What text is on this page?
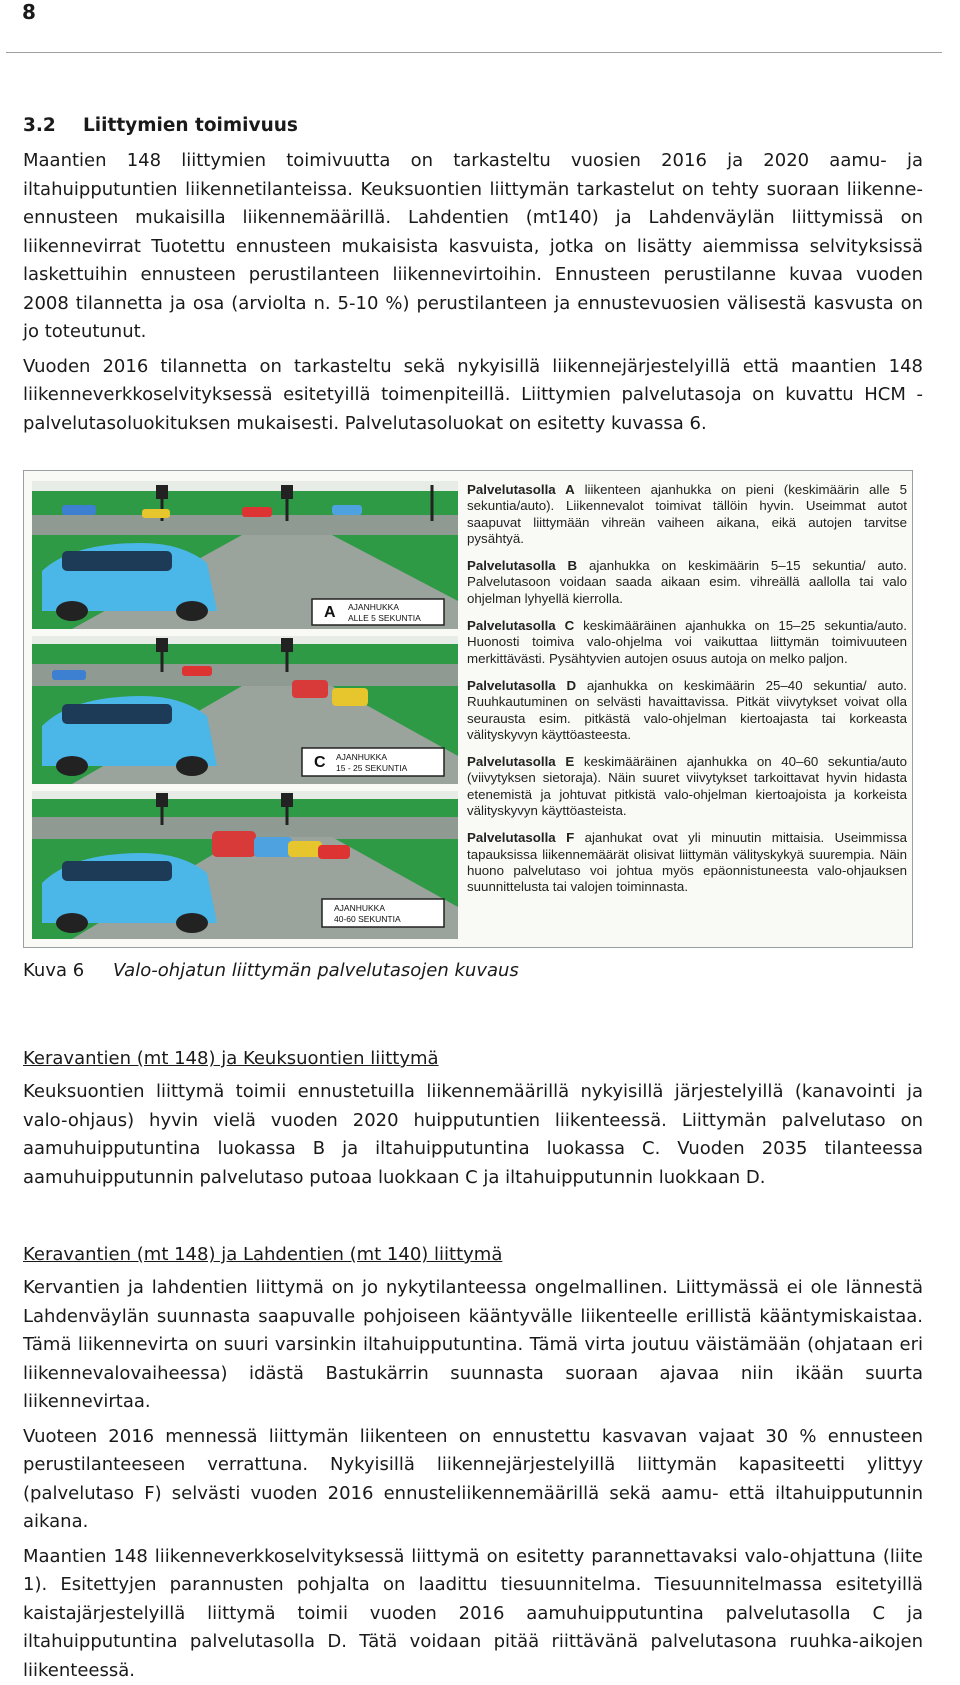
8
3.2 Liittymien toimivuus

Maantien 148 liittymien toimivuutta on tarkasteltu vuosien 2016 ja 2020 aamu- ja iltahuipputuntien liikennetilanteissa. Keuksuontien liittymän tarkastelut on tehty suoraan liikenne-ennusteen mukaisilla liikennemäärillä. Lahdentien (mt140) ja Lahdenväylän liittymissä on liikennevirrat Tuotettu ennusteen mukaisista kasvuista, jotka on lisätty aiemmissa selvityksissä laskettuihin ennusteen perustilanteen liikennevirtoihin. Ennusteen perustilanne kuvaa vuoden 2008 tilannetta ja osa (arviolta n. 5-10 %) perustilanteen ja ennustevuosien välisestä kasvusta on jo toteutunut.

Vuoden 2016 tilannetta on tarkasteltu sekä nykyisillä liikennejärjestelyillä että maantien 148 liikenneverkkoselvityksessä esitetyillä toimenpiteillä. Liittymien palvelutasoja on kuvattu HCM -palvelutasoluokituksen mukaisesti. Palvelutasoluokat on esitetty kuvassa 6.

A AJANHUKKA
ALLE 5 SEKUNTIA
C AJANHUKKA
15 - 25 SEKUNTIA
AJANHUKKA
40-60 SEKUNTIA
Palvelutasolla A liikenteen ajanhukka on pieni (keskimäärin alle 5 sekuntia/auto). Liikennevalot toimivat tällöin hyvin. Useimmat autot saapuvat liittymään vihreän vaiheen aikana, eikä autojen tarvitse pysähtyä.
Palvelutasolla B ajanhukka on keskimäärin 5–15 sekuntia/ auto. Palvelutasoon voidaan saada aikaan esim. vihreällä aallolla tai valo ohjelman lyhyellä kierrolla.
Palvelutasolla C keskimääräinen ajanhukka on 15–25 sekuntia/auto. Huonosti toimiva valo-ohjelma voi vaikuttaa liittymän toimivuuteen merkittävästi. Pysähtyvien autojen osuus autoja on melko paljon.
Palvelutasolla D ajanhukka on keskimäärin 25–40 sekuntia/ auto. Ruuhkautuminen on selvästi havaittavissa. Pitkät viivytykset voivat olla seurausta esim. pitkästä valo-ohjelman kiertoajasta tai korkeasta välityskyvyn käyttöasteesta.
Palvelutasolla E keskimääräinen ajanhukka on 40–60 sekuntia/auto (viivytyksen sietoraja). Näin suuret viivytykset tarkoittavat hyvin hidasta etenemistä ja johtuvat pitkistä valo-ohjelman kiertoajoista ja korkeista välityskyvyn käyttöasteista.
Palvelutasolla F ajanhukat ovat yli minuutin mittaisia. Useimmissa tapauksissa liikennemäärät olisivat liittymän välityskykyä suurempia. Näin huono palvelutaso voi johtua myös epäonnistuneesta valo-ohjauksen suunnittelusta tai valojen toiminnasta.
Kuva 6 Valo-ohjatun liittymän palvelutasojen kuvaus
Keravantien (mt 148) ja Keuksuontien liittymä

Keuksuontien liittymä toimii ennustetuilla liikennemäärillä nykyisillä järjestelyillä (kanavointi ja valo-ohjaus) hyvin vielä vuoden 2020 huipputuntien liikenteessä. Liittymän palvelutaso on aamuhuipputuntina luokassa B ja iltahuipputuntina luokassa C. Vuoden 2035 tilanteessa aamuhuipputunnin palvelutaso putoaa luokkaan C ja iltahuipputunnin luokkaan D.

Keravantien (mt 148) ja Lahdentien (mt 140) liittymä

Kervantien ja lahdentien liittymä on jo nykytilanteessa ongelmallinen. Liittymässä ei ole lännestä Lahdenväylän suunnasta saapuvalle pohjoiseen kääntyvälle liikenteelle erillistä kääntymiskaistaa. Tämä liikennevirta on suuri varsinkin iltahuipputuntina. Tämä virta joutuu väistämään (ohjataan eri liikennevalovaiheessa) idästä Bastukärrin suunnasta suoraan ajavaa niin ikään suurta liikennevirtaa.

Vuoteen 2016 mennessä liittymän liikenteen on ennustettu kasvavan vajaat 30 % ennusteen perustilanteeseen verrattuna. Nykyisillä liikennejärjestelyillä liittymän kapasiteetti ylittyy (palvelutaso F) selvästi vuoden 2016 ennusteliikennemäärillä sekä aamu- että iltahuipputunnin aikana.

Maantien 148 liikenneverkkoselvityksessä liittymä on esitetty parannettavaksi valo-ohjattuna (liite 1). Esitettyjen parannusten pohjalta on laadittu tiesuunnitelma. Tiesuunnitelmassa esitetyillä kaistajärjestelyillä liittymä toimii vuoden 2016 aamuhuipputuntina palvelutasolla C ja iltahuipputuntina palvelutasolla D. Tätä voidaan pitää riittävänä palvelutasona ruuhka-aikojen liikenteessä.
